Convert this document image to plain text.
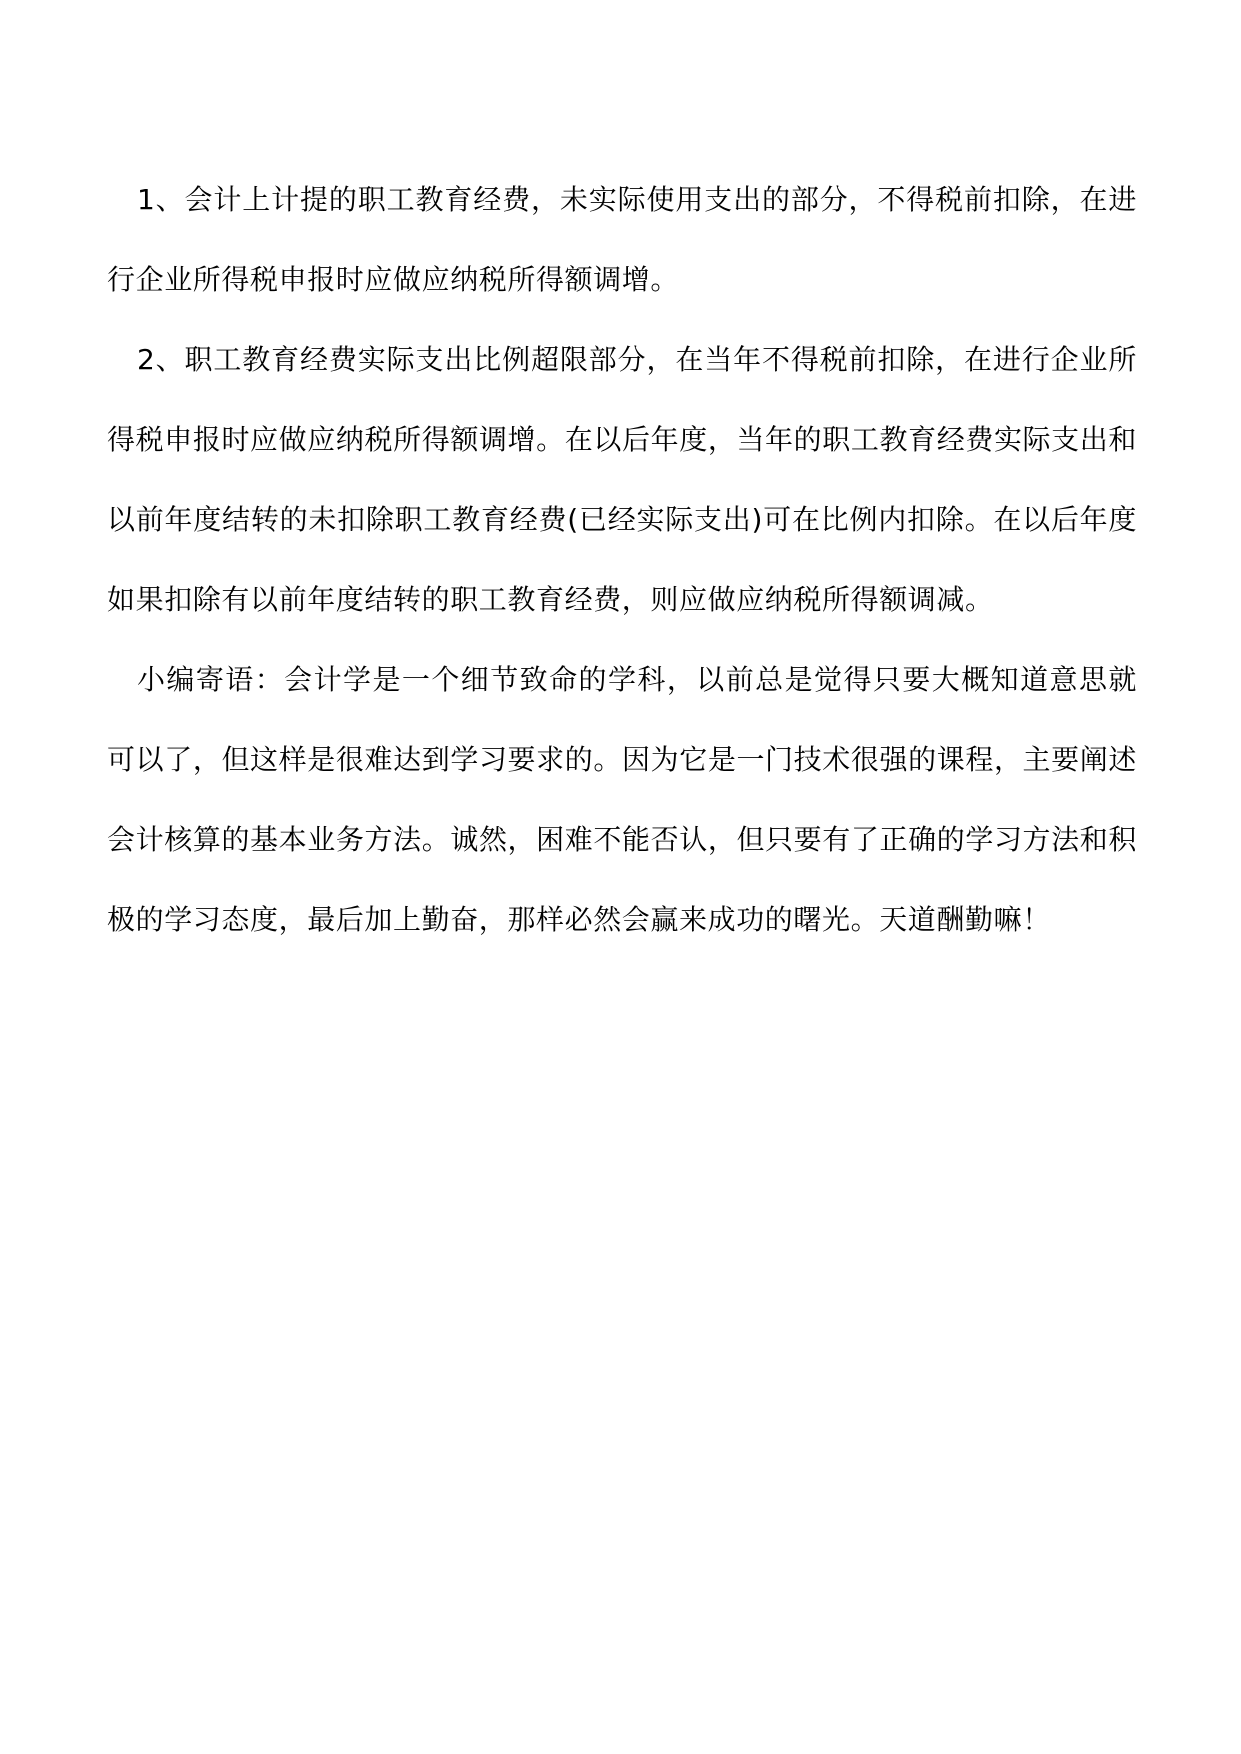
1、会计上计提的职工教育经费，未实际使用支出的部分，不得税前扣除，在进行企业所得税申报时应做应纳税所得额调增。

2、职工教育经费实际支出比例超限部分，在当年不得税前扣除，在进行企业所得税申报时应做应纳税所得额调增。在以后年度，当年的职工教育经费实际支出和以前年度结转的未扣除职工教育经费(已经实际支出)可在比例内扣除。在以后年度如果扣除有以前年度结转的职工教育经费，则应做应纳税所得额调减。

小编寄语：会计学是一个细节致命的学科，以前总是觉得只要大概知道意思就可以了，但这样是很难达到学习要求的。因为它是一门技术很强的课程，主要阐述会计核算的基本业务方法。诚然，困难不能否认，但只要有了正确的学习方法和积极的学习态度，最后加上勤奋，那样必然会赢来成功的曙光。天道酬勤嘛！
